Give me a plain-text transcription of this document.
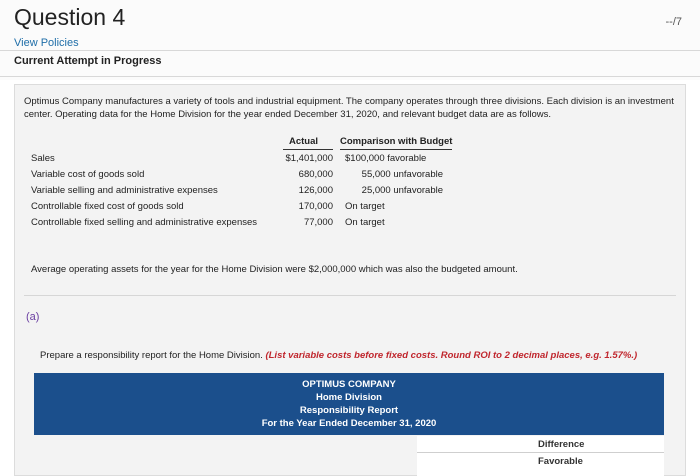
Question 4	--/7
View Policies
Current Attempt in Progress
Optimus Company manufactures a variety of tools and industrial equipment. The company operates through three divisions. Each division is an investment center. Operating data for the Home Division for the year ended December 31, 2020, and relevant budget data are as follows.
Actual Comparison with Budget
Sales	$1,401,000 $100,000 favorable
Variable cost of goods sold	680,000	55,000 unfavorable
Variable selling and administrative expenses	126,000	25,000 unfavorable
Controllable fixed cost of goods sold	170,000 On target
Controllable fixed selling and administrative expenses	77,000 On target
Average operating assets for the year for the Home Division were $2,000,000 which was also the budgeted amount.
(a)
Prepare a responsibility report for the Home Division. (List variable costs before fixed costs. Round ROI to 2 decimal places, e.g. 1.57%.)
OPTIMUS COMPANY
Home Division
Responsibility Report
For the Year Ended December 31, 2020
Difference
Favorable
